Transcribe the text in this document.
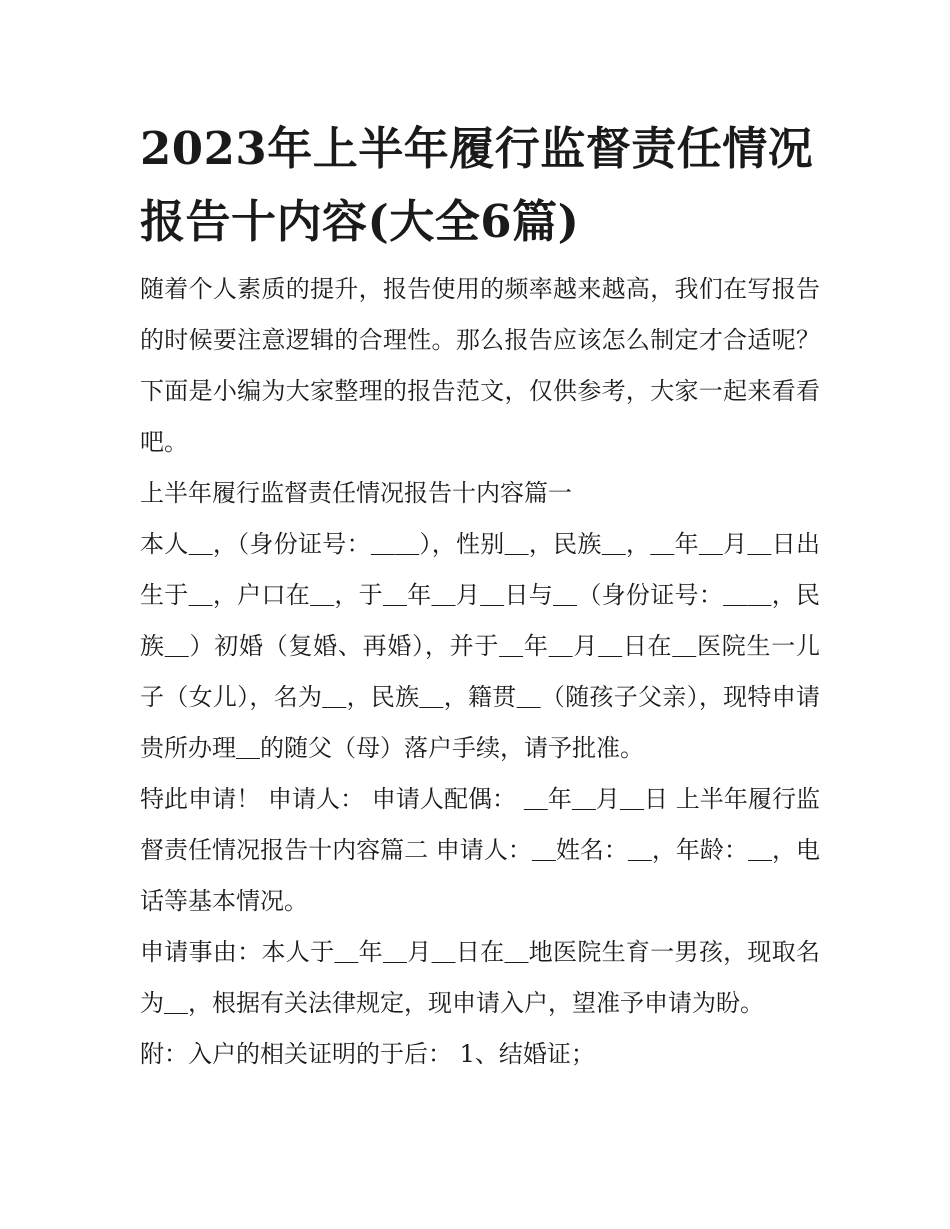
2023年上半年履行监督责任情况报告十内容(大全6篇)

随着个人素质的提升，报告使用的频率越来越高，我们在写报告的时候要注意逻辑的合理性。那么报告应该怎么制定才合适呢？下面是小编为大家整理的报告范文，仅供参考，大家一起来看看吧。

上半年履行监督责任情况报告十内容篇一

本人＿，（身份证号：＿＿），性别＿，民族＿，＿年＿月＿日出生于＿，户口在＿，于＿年＿月＿日与＿（身份证号：＿＿，民族＿）初婚（复婚、再婚），并于＿年＿月＿日在＿医院生一儿子（女儿），名为＿，民族＿，籍贯＿（随孩子父亲），现特申请贵所办理＿的随父（母）落户手续，请予批准。

特此申请！ 申请人： 申请人配偶： ＿年＿月＿日 上半年履行监督责任情况报告十内容篇二 申请人：＿姓名：＿，年龄：＿，电话等基本情况。

申请事由：本人于＿年＿月＿日在＿地医院生育一男孩，现取名为＿，根据有关法律规定，现申请入户，望准予申请为盼。

附：入户的相关证明的于后： 1、结婚证；
